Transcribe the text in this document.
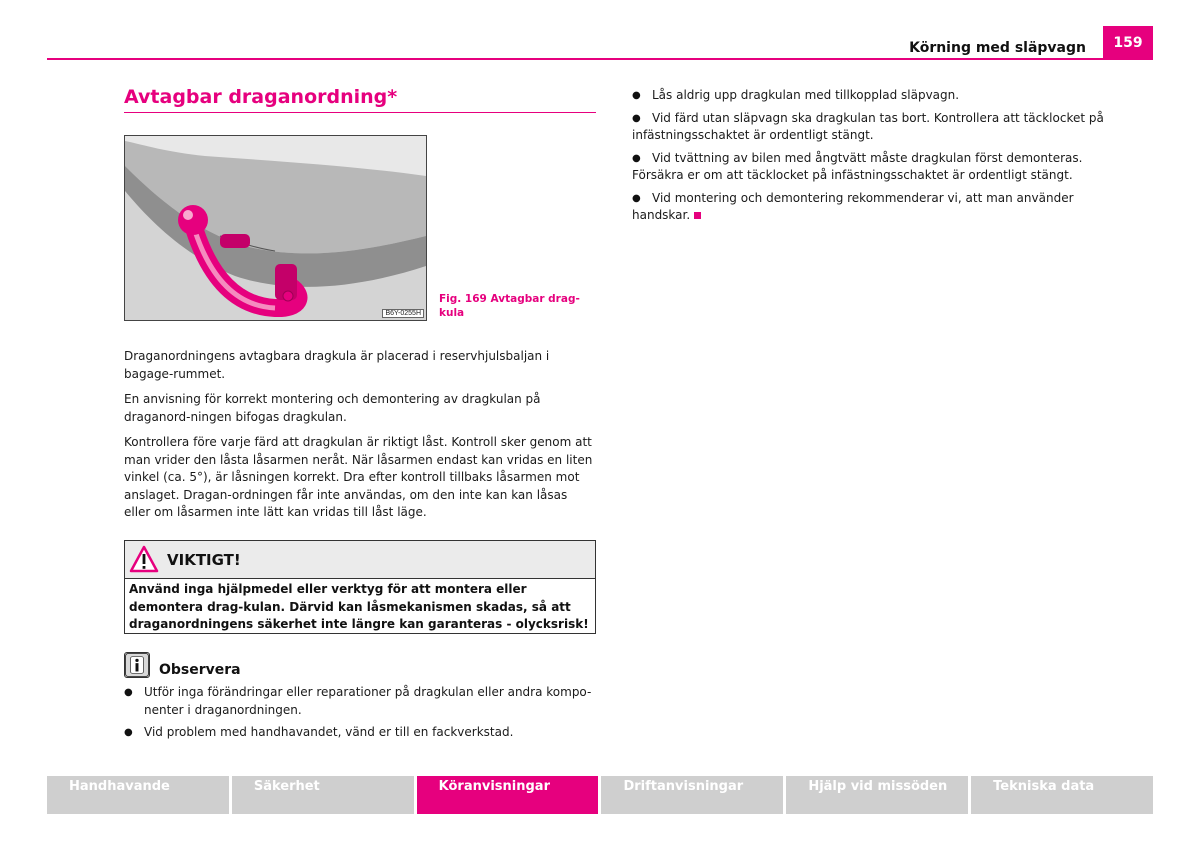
Körning med släpvagn	159
Avtagbar draganordning*
B6Y-0255H
Fig. 169 Avtagbar drag-kula
Draganordningens avtagbara dragkula är placerad i reservhjulsbaljan i bagage-rummet.
En anvisning för korrekt montering och demontering av dragkulan på draganord-ningen bifogas dragkulan.
Kontrollera före varje färd att dragkulan är riktigt låst. Kontroll sker genom att man vrider den låsta låsarmen neråt. När låsarmen endast kan vridas en liten vinkel (ca. 5°), är låsningen korrekt. Dra efter kontroll tillbaks låsarmen mot anslaget. Dragan-ordningen får inte användas, om den inte kan kan låsas eller om låsarmen inte lätt kan vridas till låst läge.
VIKTIGT!
Använd inga hjälpmedel eller verktyg för att montera eller demontera drag-kulan. Därvid kan låsmekanismen skadas, så att draganordningens säkerhet inte längre kan garanteras - olycksrisk!
Observera
● Utför inga förändringar eller reparationer på dragkulan eller andra kompo-nenter i draganordningen.
● Vid problem med handhavandet, vänd er till en fackverkstad.
● Lås aldrig upp dragkulan med tillkopplad släpvagn.
● Vid färd utan släpvagn ska dragkulan tas bort. Kontrollera att täcklocket på infästningsschaktet är ordentligt stängt.
● Vid tvättning av bilen med ångtvätt måste dragkulan först demonteras. Försäkra er om att täcklocket på infästningsschaktet är ordentligt stängt.
● Vid montering och demontering rekommenderar vi, att man använder handskar.
Handhavande	Säkerhet	Köranvisningar	Driftanvisningar	Hjälp vid missöden	Tekniska data
